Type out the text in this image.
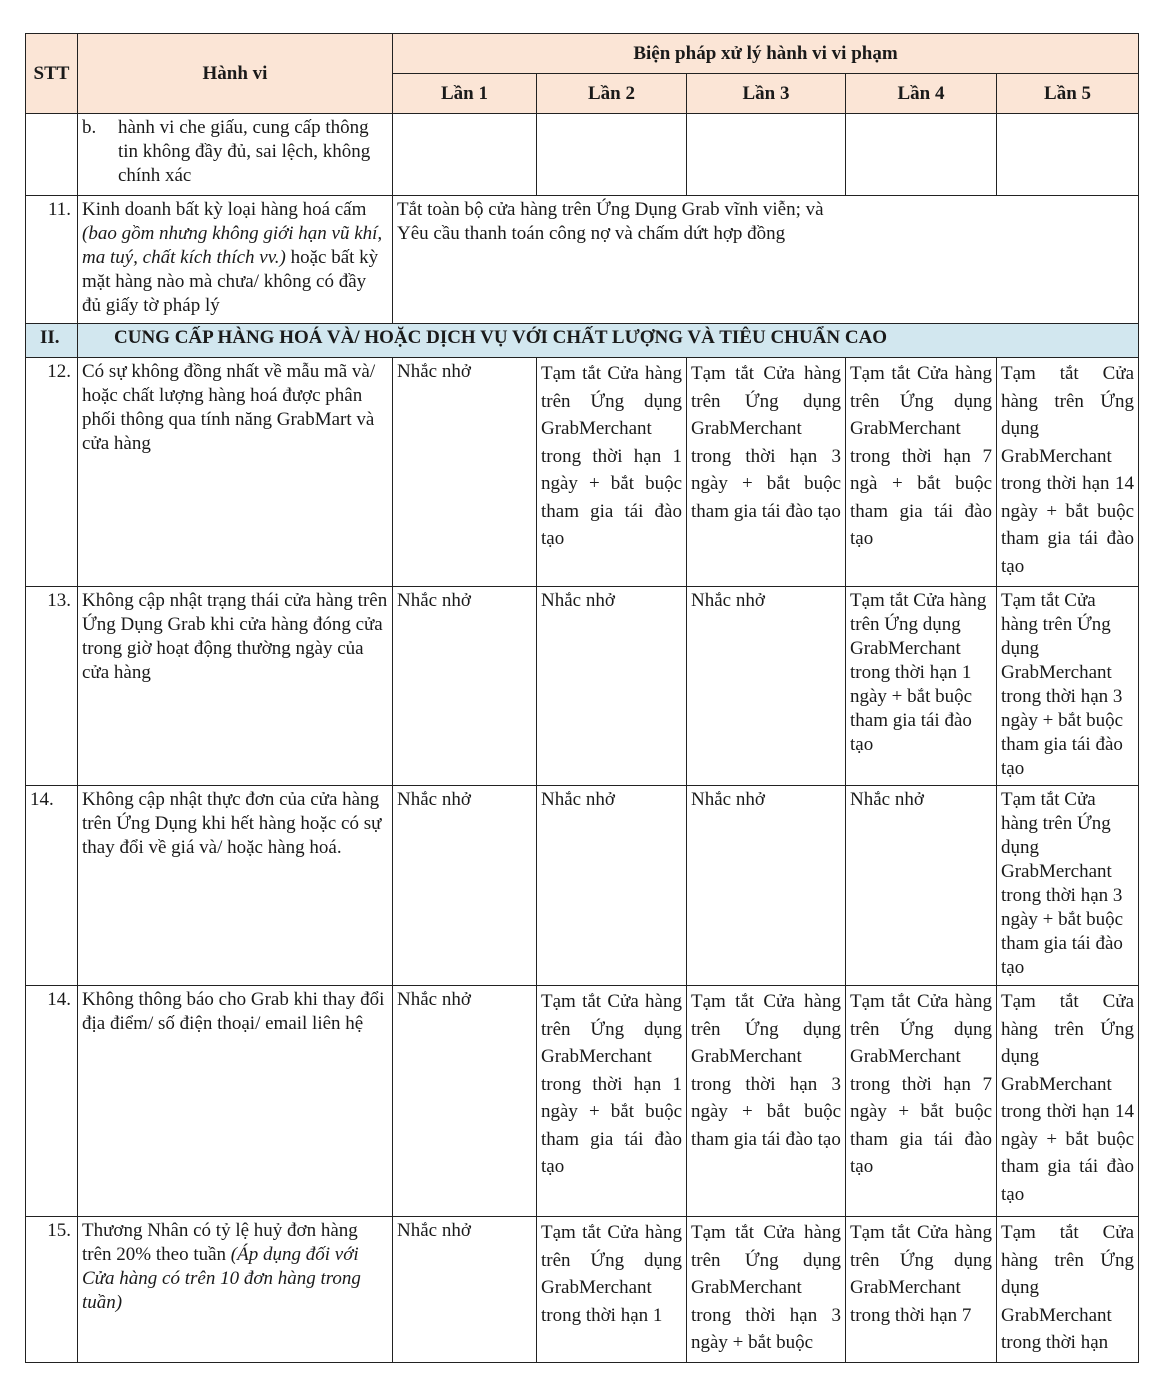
STT	Hành vi	Biện pháp xử lý hành vi vi phạm				
		Lần 1	Lần 2	Lần 3	Lần 4	Lần 5

	b. hành vi che giấu, cung cấp thông tin không đầy đủ, sai lệch, không chính xác					

11.	Kinh doanh bất kỳ loại hàng hoá cấm (bao gồm nhưng không giới hạn vũ khí, ma tuý, chất kích thích vv.) hoặc bất kỳ mặt hàng nào mà chưa/ không có đầy đủ giấy tờ pháp lý	Tắt toàn bộ cửa hàng trên Ứng Dụng Grab vĩnh viễn; và
Yêu cầu thanh toán công nợ và chấm dứt hợp đồng				

II.	CUNG CẤP HÀNG HOÁ VÀ/ HOẶC DỊCH VỤ VỚI CHẤT LƯỢNG VÀ TIÊU CHUẨN CAO					
12.	Có sự không đồng nhất về mẫu mã và/ hoặc chất lượng hàng hoá được phân phối thông qua tính năng GrabMart và cửa hàng	Nhắc nhở	Tạm tắt Cửa hàng trên Ứng dụng GrabMerchant trong thời hạn 1 ngày + bắt buộc tham gia tái đào tạo	Tạm tắt Cửa hàng trên Ứng dụng GrabMerchant trong thời hạn 3 ngày + bắt buộc tham gia tái đào tạo	Tạm tắt Cửa hàng trên Ứng dụng GrabMerchant trong thời hạn 7 ngà + bắt buộc tham gia tái đào tạo	Tạm tắt Cửa hàng trên Ứng dụng GrabMerchant trong thời hạn 14 ngày + bắt buộc tham gia tái đào tạo
13.	Không cập nhật trạng thái cửa hàng trên Ứng Dụng Grab khi cửa hàng đóng cửa trong giờ hoạt động thường ngày của cửa hàng	Nhắc nhở	Nhắc nhở	Nhắc nhở	Tạm tắt Cửa hàng trên Ứng dụng GrabMerchant trong thời hạn 1 ngày + bắt buộc tham gia tái đào tạo	Tạm tắt Cửa hàng trên Ứng dụng GrabMerchant trong thời hạn 3 ngày + bắt buộc tham gia tái đào tạo
14.	Không cập nhật thực đơn của cửa hàng trên Ứng Dụng khi hết hàng hoặc có sự thay đổi về giá và/ hoặc hàng hoá.	Nhắc nhở	Nhắc nhở	Nhắc nhở	Nhắc nhở	Tạm tắt Cửa hàng trên Ứng dụng GrabMerchant trong thời hạn 3 ngày + bắt buộc tham gia tái đào tạo
14.	Không thông báo cho Grab khi thay đổi địa điểm/ số điện thoại/ email liên hệ	Nhắc nhở	Tạm tắt Cửa hàng trên Ứng dụng GrabMerchant trong thời hạn 1 ngày + bắt buộc tham gia tái đào tạo	Tạm tắt Cửa hàng trên Ứng dụng GrabMerchant trong thời hạn 3 ngày + bắt buộc tham gia tái đào tạo	Tạm tắt Cửa hàng trên Ứng dụng GrabMerchant trong thời hạn 7 ngày + bắt buộc tham gia tái đào tạo	Tạm tắt Cửa hàng trên Ứng dụng GrabMerchant trong thời hạn 14 ngày + bắt buộc tham gia tái đào tạo
15.	Thương Nhân có tỷ lệ huỷ đơn hàng trên 20% theo tuần (Áp dụng đối với Cửa hàng có trên 10 đơn hàng trong tuần)	Nhắc nhở	Tạm tắt Cửa hàng trên Ứng dụng GrabMerchant trong thời hạn 1	Tạm tắt Cửa hàng trên Ứng dụng GrabMerchant trong thời hạn 3 ngày + bắt buộc	Tạm tắt Cửa hàng trên Ứng dụng GrabMerchant trong thời hạn 7	Tạm tắt Cửa hàng trên Ứng dụng GrabMerchant trong thời hạn
